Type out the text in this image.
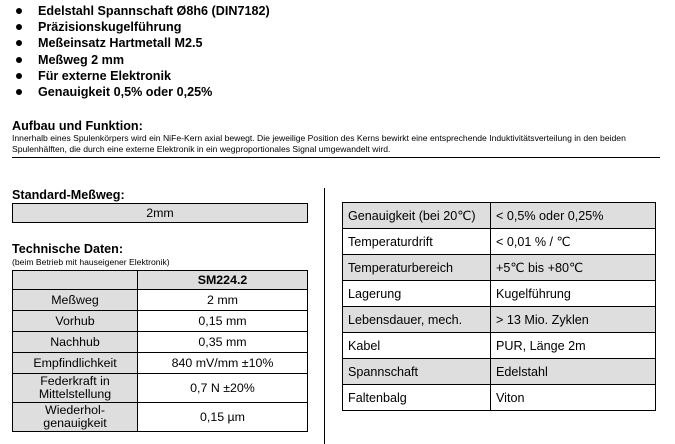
Edelstahl Spannschaft Ø8h6 (DIN7182)
Präzisionskugelführung
Meßeinsatz Hartmetall M2.5
Meßweg 2 mm
Für externe Elektronik
Genauigkeit 0,5% oder 0,25%
Aufbau und Funktion:

Innerhalb eines Spulenkörpers wird ein NiFe-Kern axial bewegt. Die jeweilige Position des Kerns bewirkt eine entsprechende Induktivitätsverteilung in den beiden Spulenhälften, die durch eine externe Elektronik in ein wegproportionales Signal umgewandelt wird.

Standard-Meßweg:
2mm
Technische Daten:
(beim Betrieb mit hauseigener Elektronik)
	SM224.2
Meßweg	2 mm
Vorhub	0,15 mm
Nachhub	0,35 mm
Empfindlichkeit	840 mV/mm ±10%
Federkraft in Mittelstellung	0,7 N ±20%
Wiederhol-genauigkeit	0,15 µm
Genauigkeit (bei 20℃)	< 0,5% oder 0,25%
Temperaturdrift	< 0,01 % / ℃
Temperaturbereich	+5℃ bis +80℃
Lagerung	Kugelführung
Lebensdauer, mech.	> 13 Mio. Zyklen
Kabel	PUR, Länge 2m
Spannschaft	Edelstahl
Faltenbalg	Viton
